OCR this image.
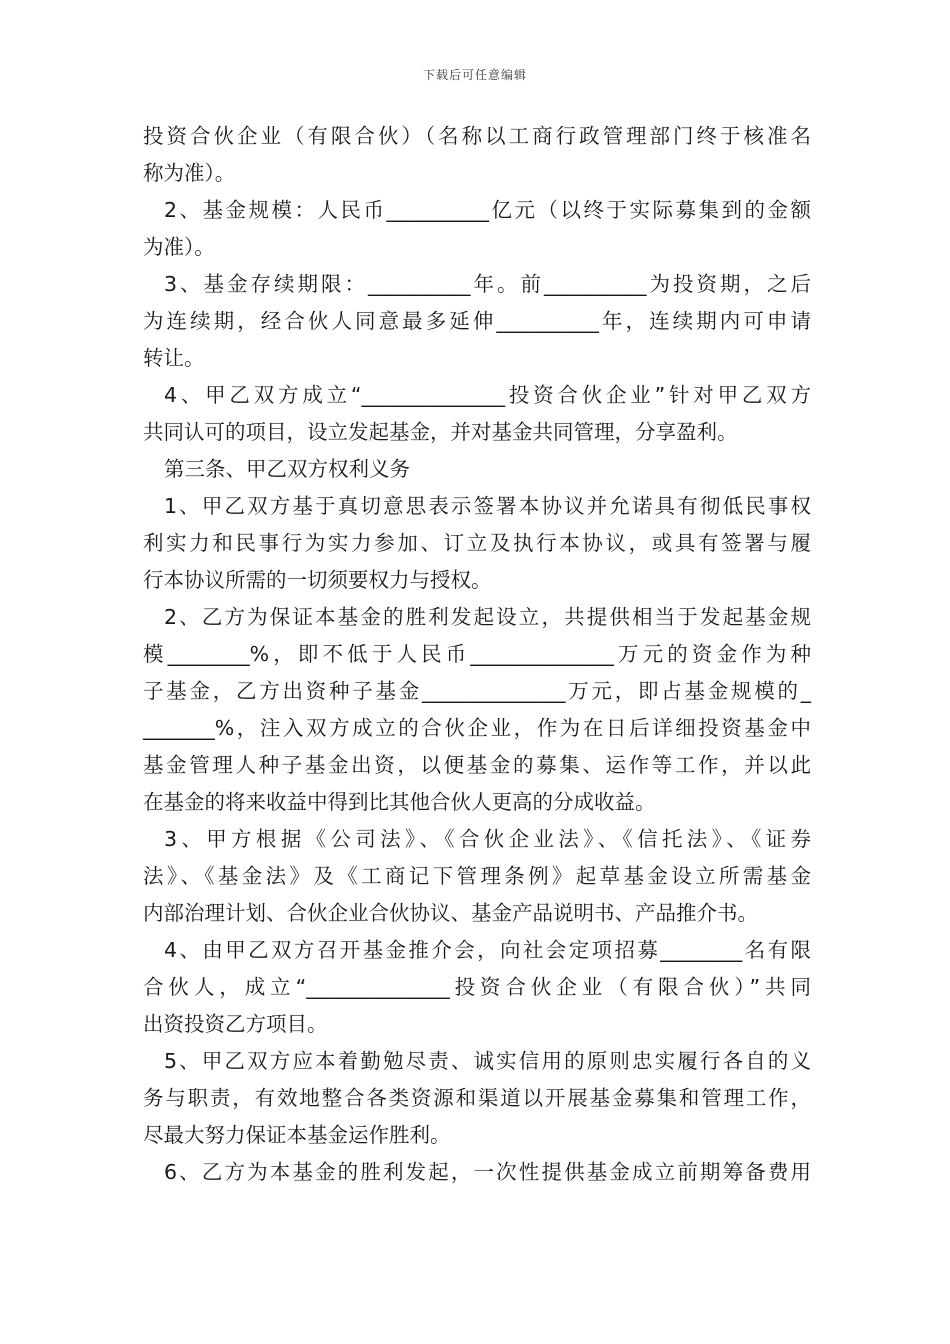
下载后可任意编辑
投资合伙企业（有限合伙）（名称以工商行政管理部门终于核准名
称为准）。
2、基金规模：人民币__________亿元（以终于实际募集到的金额
为准）。
3、基金存续期限：__________年。前__________为投资期，之后
为连续期，经合伙人同意最多延伸__________年，连续期内可申请
转让。
4、甲乙双方成立“______________投资合伙企业”针对甲乙双方
共同认可的项目，设立发起基金，并对基金共同管理，分享盈利。
第三条、甲乙双方权利义务
1、甲乙双方基于真切意思表示签署本协议并允诺具有彻低民事权
利实力和民事行为实力参加、订立及执行本协议，或具有签署与履
行本协议所需的一切须要权力与授权。
2、乙方为保证本基金的胜利发起设立，共提供相当于发起基金规
模________%，即不低于人民币______________万元的资金作为种
子基金，乙方出资种子基金______________万元，即占基金规模的_
_______%，注入双方成立的合伙企业，作为在日后详细投资基金中
基金管理人种子基金出资，以便基金的募集、运作等工作，并以此
在基金的将来收益中得到比其他合伙人更高的分成收益。
3、甲方根据《公司法》、《合伙企业法》、《信托法》、《证券
法》、《基金法》及《工商记下管理条例》起草基金设立所需基金
内部治理计划、合伙企业合伙协议、基金产品说明书、产品推介书。
4、由甲乙双方召开基金推介会，向社会定项招募________名有限
合伙人，成立“______________投资合伙企业（有限合伙）”共同
出资投资乙方项目。
5、甲乙双方应本着勤勉尽责、诚实信用的原则忠实履行各自的义
务与职责，有效地整合各类资源和渠道以开展基金募集和管理工作，
尽最大努力保证本基金运作胜利。
6、乙方为本基金的胜利发起，一次性提供基金成立前期筹备费用
